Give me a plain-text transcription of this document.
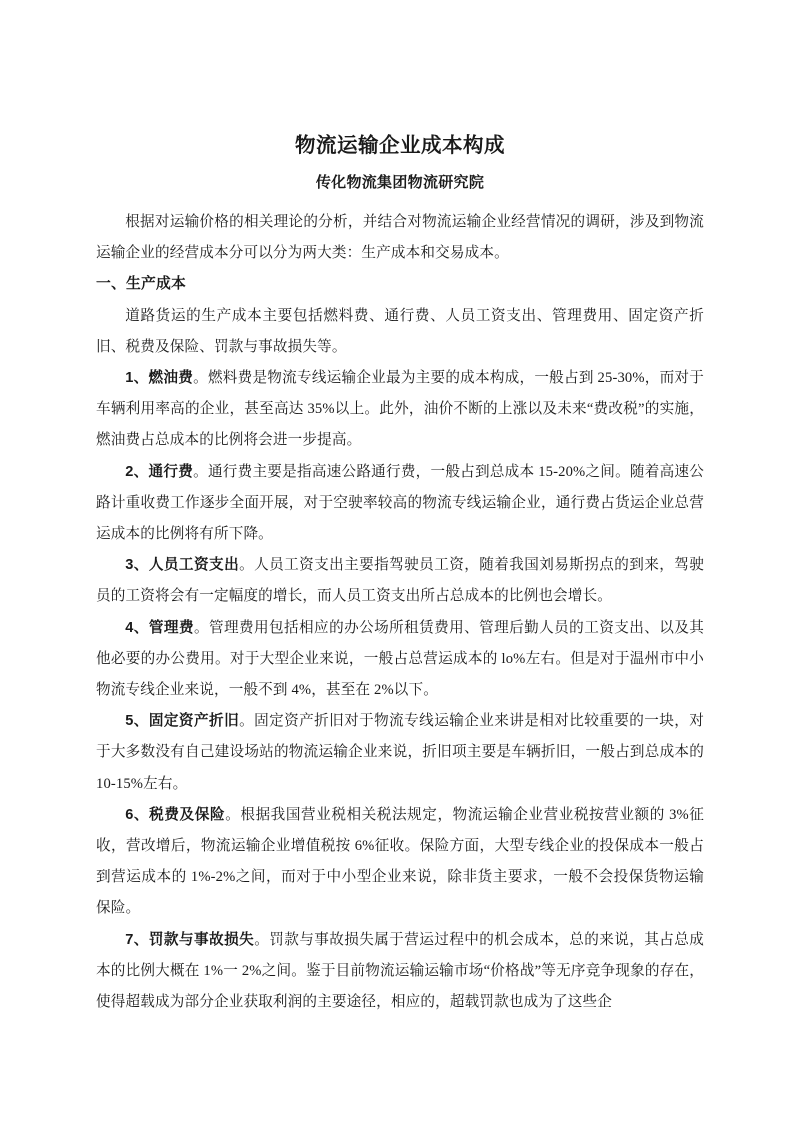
物流运输企业成本构成
传化物流集团物流研究院

根据对运输价格的相关理论的分析，并结合对物流运输企业经营情况的调研，涉及到物流运输企业的经营成本分可以分为两大类：生产成本和交易成本。

一、生产成本

道路货运的生产成本主要包括燃料费、通行费、人员工资支出、管理费用、固定资产折旧、税费及保险、罚款与事故损失等。

1、燃油费。燃料费是物流专线运输企业最为主要的成本构成，一般占到 25-30%，而对于车辆利用率高的企业，甚至高达 35%以上。此外，油价不断的上涨以及未来“费改税”的实施，燃油费占总成本的比例将会进一步提高。

2、通行费。通行费主要是指高速公路通行费，一般占到总成本 15-20%之间。随着高速公路计重收费工作逐步全面开展，对于空驶率较高的物流专线运输企业，通行费占货运企业总营运成本的比例将有所下降。

3、人员工资支出。人员工资支出主要指驾驶员工资，随着我国刘易斯拐点的到来，驾驶员的工资将会有一定幅度的增长，而人员工资支出所占总成本的比例也会增长。

4、管理费。管理费用包括相应的办公场所租赁费用、管理后勤人员的工资支出、以及其他必要的办公费用。对于大型企业来说，一般占总营运成本的 lo%左右。但是对于温州市中小物流专线企业来说，一般不到 4%，甚至在 2%以下。

5、固定资产折旧。固定资产折旧对于物流专线运输企业来讲是相对比较重要的一块，对于大多数没有自己建设场站的物流运输企业来说，折旧项主要是车辆折旧，一般占到总成本的 10-15%左右。

6、税费及保险。根据我国营业税相关税法规定，物流运输企业营业税按营业额的 3%征收，营改增后，物流运输企业增值税按 6%征收。保险方面，大型专线企业的投保成本一般占到营运成本的 1%-2%之间，而对于中小型企业来说，除非货主要求，一般不会投保货物运输保险。

7、罚款与事故损失。罚款与事故损失属于营运过程中的机会成本，总的来说，其占总成本的比例大概在 1%一 2%之间。鉴于目前物流运输运输市场“价格战”等无序竞争现象的存在，使得超载成为部分企业获取利润的主要途径，相应的，超载罚款也成为了这些企
